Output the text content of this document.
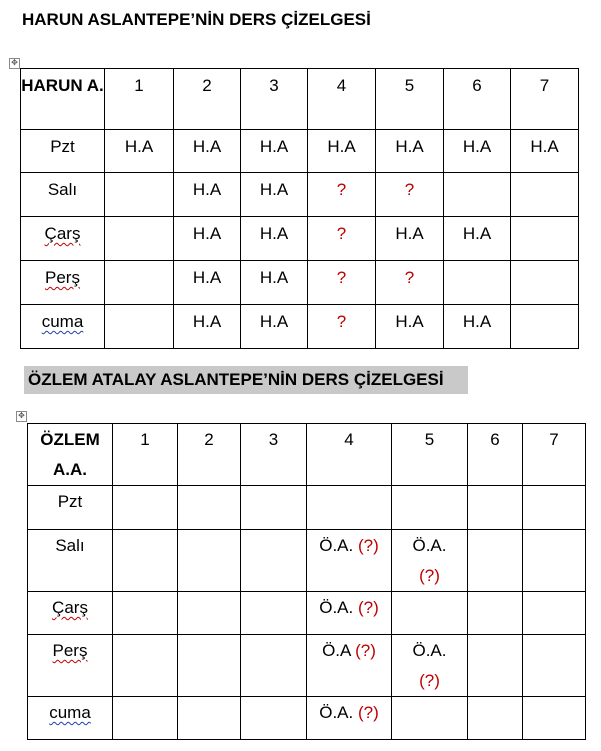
HARUN ASLANTEPE’NİN DERS ÇİZELGESİ
✥
HARUN A.	1	2	3	4	5	6	7
Pzt	H.A	H.A	H.A	H.A	H.A	H.A	H.A
Salı		H.A	H.A	?	?		
Çarş		H.A	H.A	?	H.A	H.A	
Perş		H.A	H.A	?	?		
cuma		H.A	H.A	?	H.A	H.A	
ÖZLEM ATALAY ASLANTEPE’NİN DERS ÇİZELGESİ
✥
ÖZLEM A.A.	1	2	3	4	5	6	7
Pzt							
Salı				Ö.A. (?)	Ö.A.
(?)		
Çarş				Ö.A. (?)			
Perş				Ö.A (?)	Ö.A.
(?)		
cuma				Ö.A. (?)			
